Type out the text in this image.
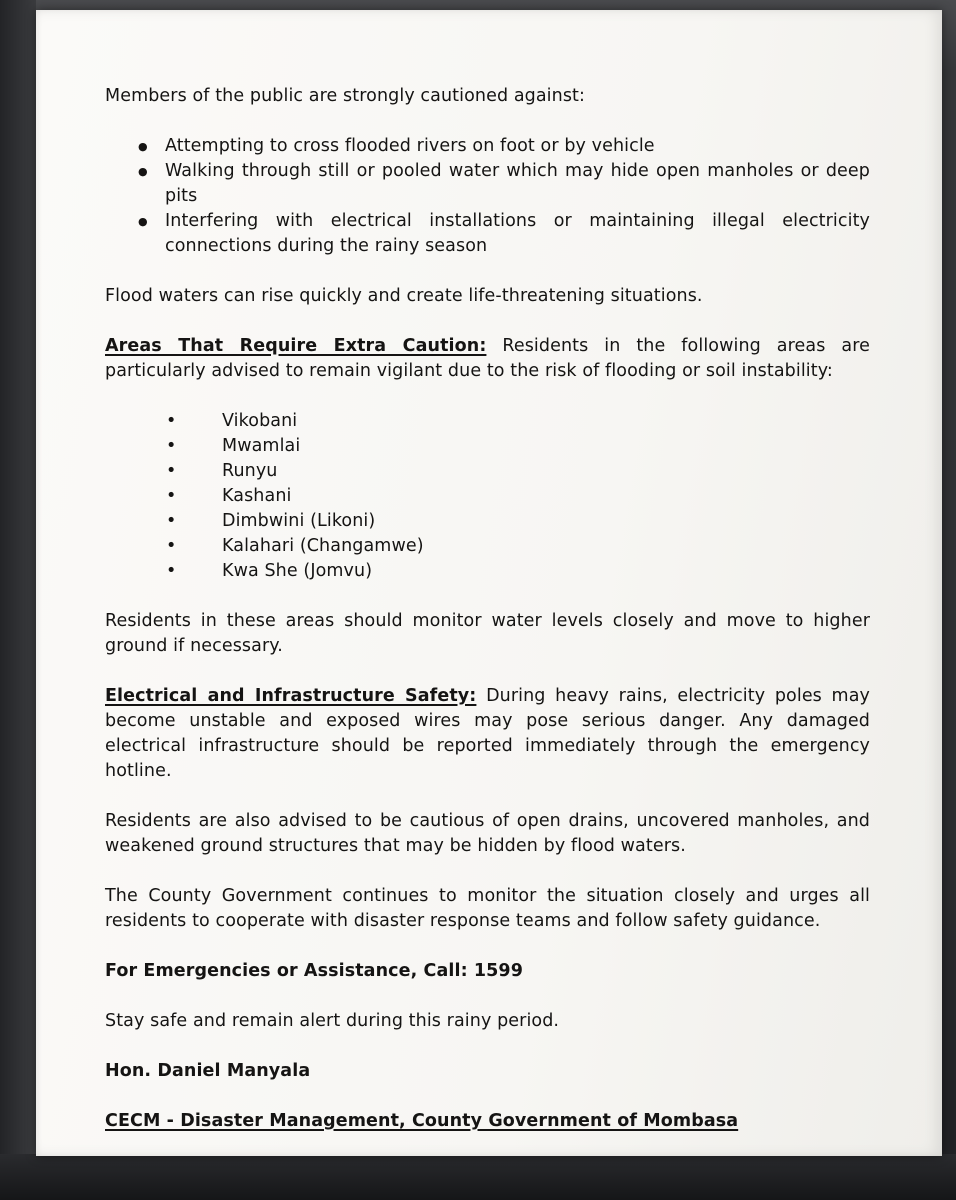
Members of the public are strongly cautioned against:

● Attempting to cross flooded rivers on foot or by vehicle
● Walking through still or pooled water which may hide open manholes or deep pits
● Interfering with electrical installations or maintaining illegal electricity connections during the rainy season

Flood waters can rise quickly and create life-threatening situations.

Areas That Require Extra Caution: Residents in the following areas are particularly advised to remain vigilant due to the risk of flooding or soil instability:

• Vikobani
• Mwamlai
• Runyu
• Kashani
• Dimbwini (Likoni)
• Kalahari (Changamwe)
• Kwa She (Jomvu)

Residents in these areas should monitor water levels closely and move to higher ground if necessary.

Electrical and Infrastructure Safety: During heavy rains, electricity poles may become unstable and exposed wires may pose serious danger. Any damaged electrical infrastructure should be reported immediately through the emergency hotline.

Residents are also advised to be cautious of open drains, uncovered manholes, and weakened ground structures that may be hidden by flood waters.

The County Government continues to monitor the situation closely and urges all residents to cooperate with disaster response teams and follow safety guidance.

For Emergencies or Assistance, Call: 1599

Stay safe and remain alert during this rainy period.

Hon. Daniel Manyala

CECM - Disaster Management, County Government of Mombasa
